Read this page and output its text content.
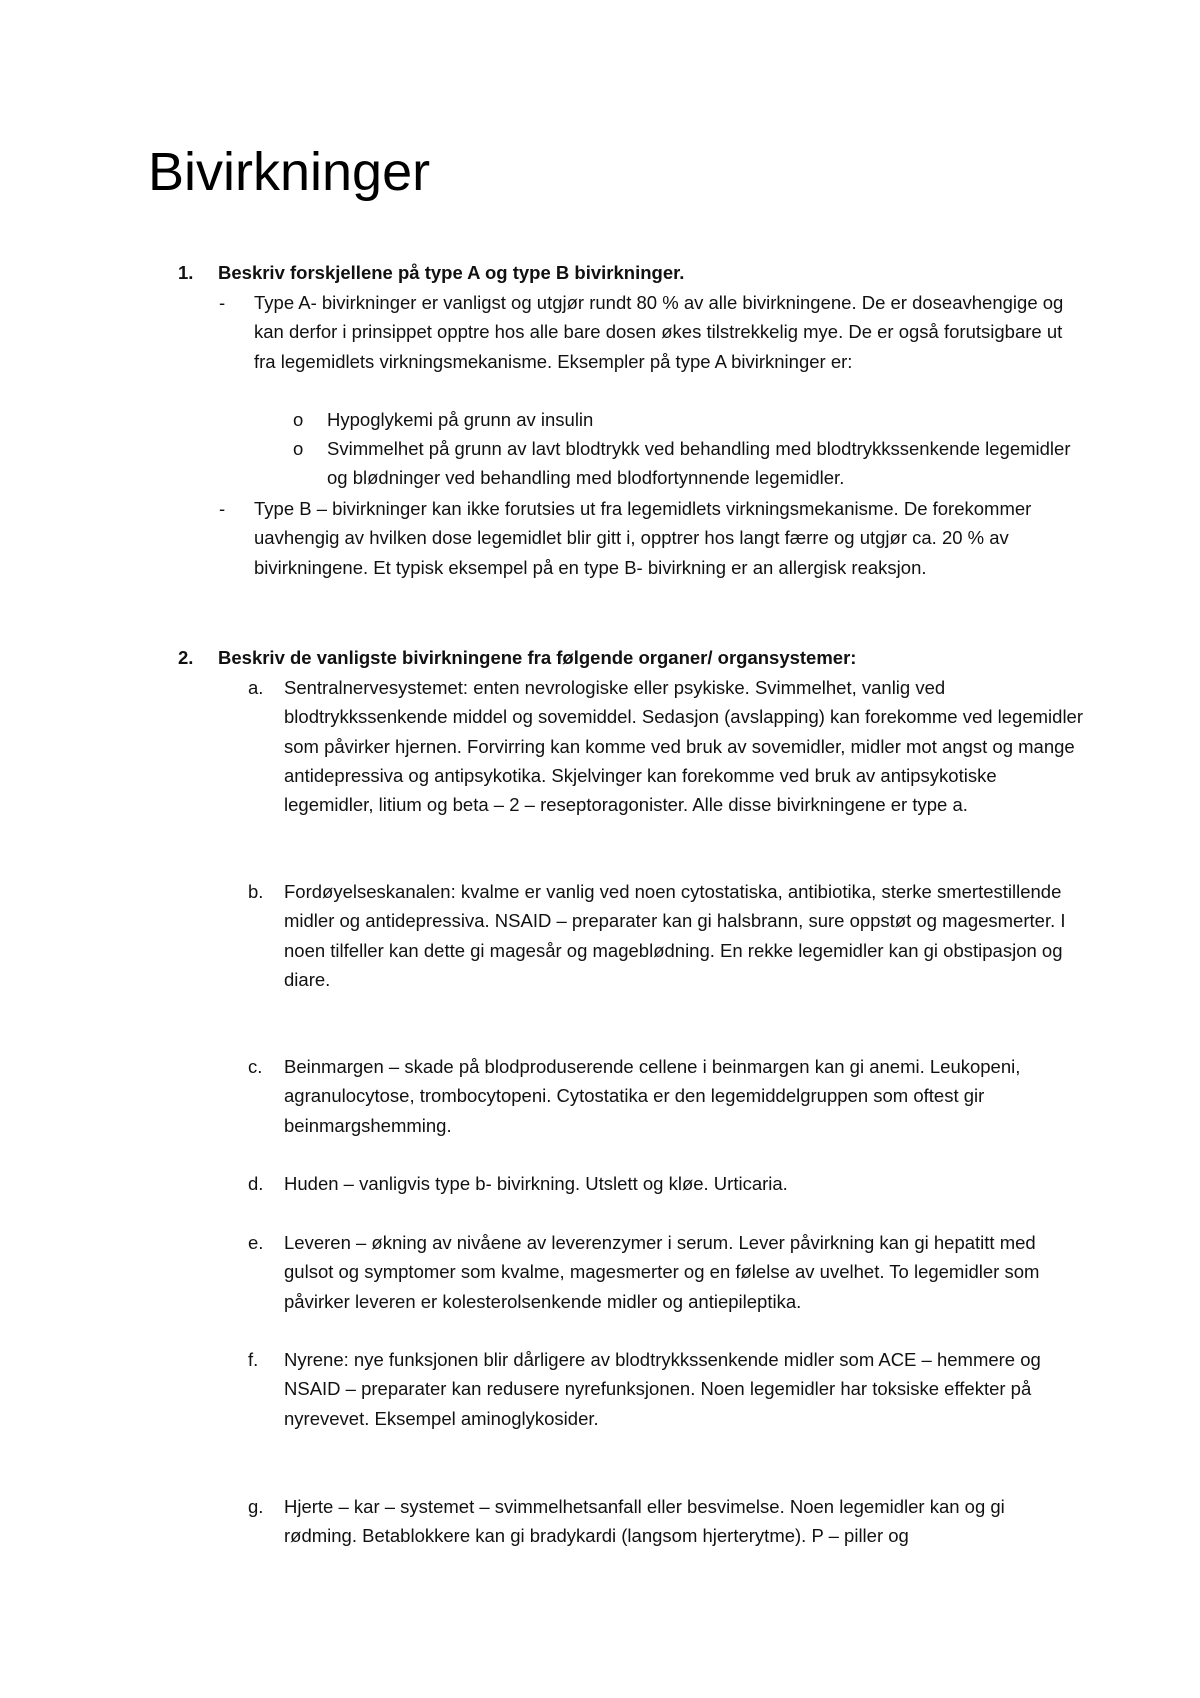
Bivirkninger
1. Beskriv forskjellene på type A og type B bivirkninger.
- Type A- bivirkninger er vanligst og utgjør rundt 80 % av alle bivirkningene. De er doseavhengige og kan derfor i prinsippet opptre hos alle bare dosen økes tilstrekkelig mye. De er også forutsigbare ut fra legemidlets virkningsmekanisme. Eksempler på type A bivirkninger er:
o Hypoglykemi på grunn av insulin
o Svimmelhet på grunn av lavt blodtrykk ved behandling med blodtrykkssenkende legemidler og blødninger ved behandling med blodfortynnende legemidler.
- Type B – bivirkninger kan ikke forutsies ut fra legemidlets virkningsmekanisme. De forekommer uavhengig av hvilken dose legemidlet blir gitt i, opptrer hos langt færre og utgjør ca. 20 % av bivirkningene. Et typisk eksempel på en type B- bivirkning er an allergisk reaksjon.
2. Beskriv de vanligste bivirkningene fra følgende organer/ organsystemer:
a. Sentralnervesystemet: enten nevrologiske eller psykiske. Svimmelhet, vanlig ved blodtrykkssenkende middel og sovemiddel. Sedasjon (avslapping) kan forekomme ved legemidler som påvirker hjernen. Forvirring kan komme ved bruk av sovemidler, midler mot angst og mange antidepressiva og antipsykotika. Skjelvinger kan forekomme ved bruk av antipsykotiske legemidler, litium og beta – 2 – reseptoragonister. Alle disse bivirkningene er type a.
b. Fordøyelseskanalen: kvalme er vanlig ved noen cytostatiska, antibiotika, sterke smertestillende midler og antidepressiva. NSAID – preparater kan gi halsbrann, sure oppstøt og magesmerter. I noen tilfeller kan dette gi magesår og mageblødning. En rekke legemidler kan gi obstipasjon og diare.
c. Beinmargen – skade på blodproduserende cellene i beinmargen kan gi anemi. Leukopeni, agranulocytose, trombocytopeni. Cytostatika er den legemiddelgruppen som oftest gir beinmargshemming.
d. Huden – vanligvis type b- bivirkning. Utslett og kløe. Urticaria.
e. Leveren – økning av nivåene av leverenzymer i serum. Lever påvirkning kan gi hepatitt med gulsot og symptomer som kvalme, magesmerter og en følelse av uvelhet. To legemidler som påvirker leveren er kolesterolsenkende midler og antiepileptika.
f. Nyrene: nye funksjonen blir dårligere av blodtrykkssenkende midler som ACE – hemmere og NSAID – preparater kan redusere nyrefunksjonen. Noen legemidler har toksiske effekter på nyrevevet. Eksempel aminoglykosider.
g. Hjerte – kar – systemet – svimmelhetsanfall eller besvimelse. Noen legemidler kan og gi rødming. Betablokkere kan gi bradykardi (langsom hjerterytme). P – piller og
